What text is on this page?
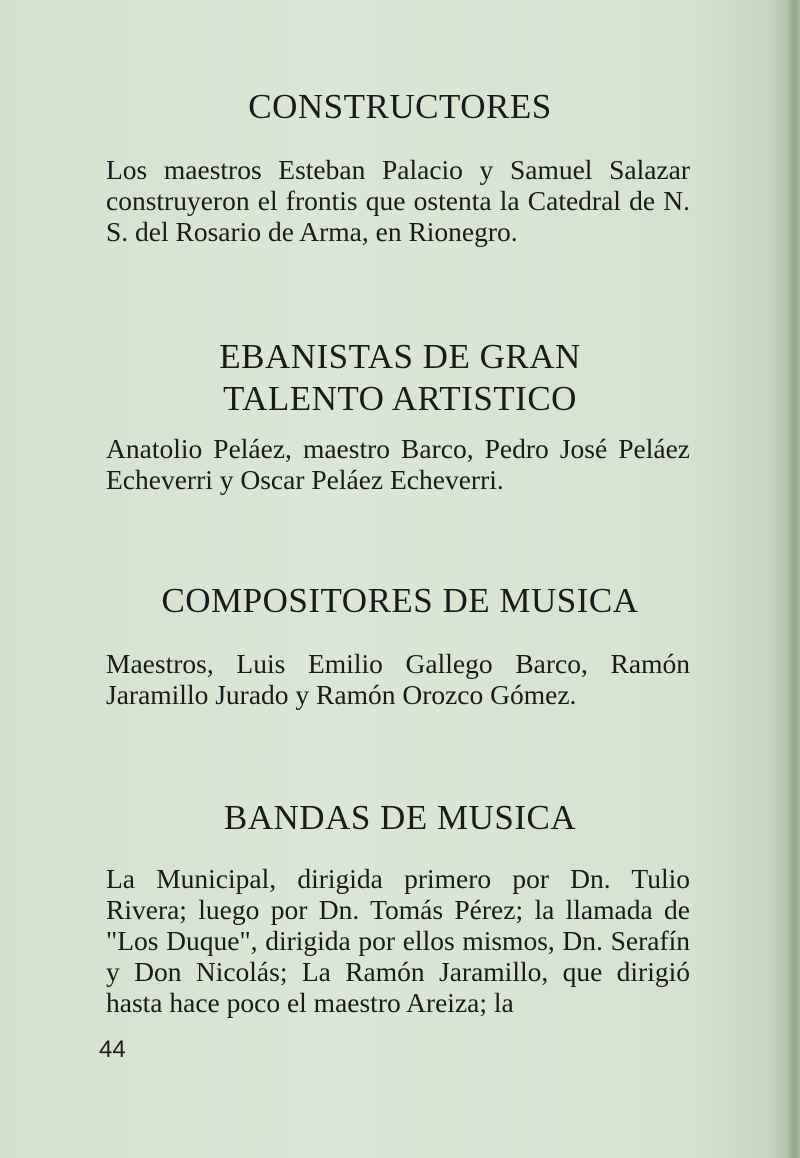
CONSTRUCTORES

Los maestros Esteban Palacio y Samuel Salazar construyeron el frontis que ostenta la Catedral de N. S. del Rosario de Arma, en Rionegro.

EBANISTAS DE GRAN
TALENTO ARTISTICO

Anatolio Peláez, maestro Barco, Pedro José Peláez Echeverri y Oscar Peláez Echeverri.

COMPOSITORES DE MUSICA

Maestros, Luis Emilio Gallego Barco, Ramón Jaramillo Jurado y Ramón Orozco Gómez.

BANDAS DE MUSICA

La Municipal, dirigida primero por Dn. Tulio Rivera; luego por Dn. Tomás Pérez; la llamada de "Los Duque", dirigida por ellos mismos, Dn. Serafín y Don Nicolás; La Ramón Jaramillo, que dirigió hasta hace poco el maestro Areiza; la

44
